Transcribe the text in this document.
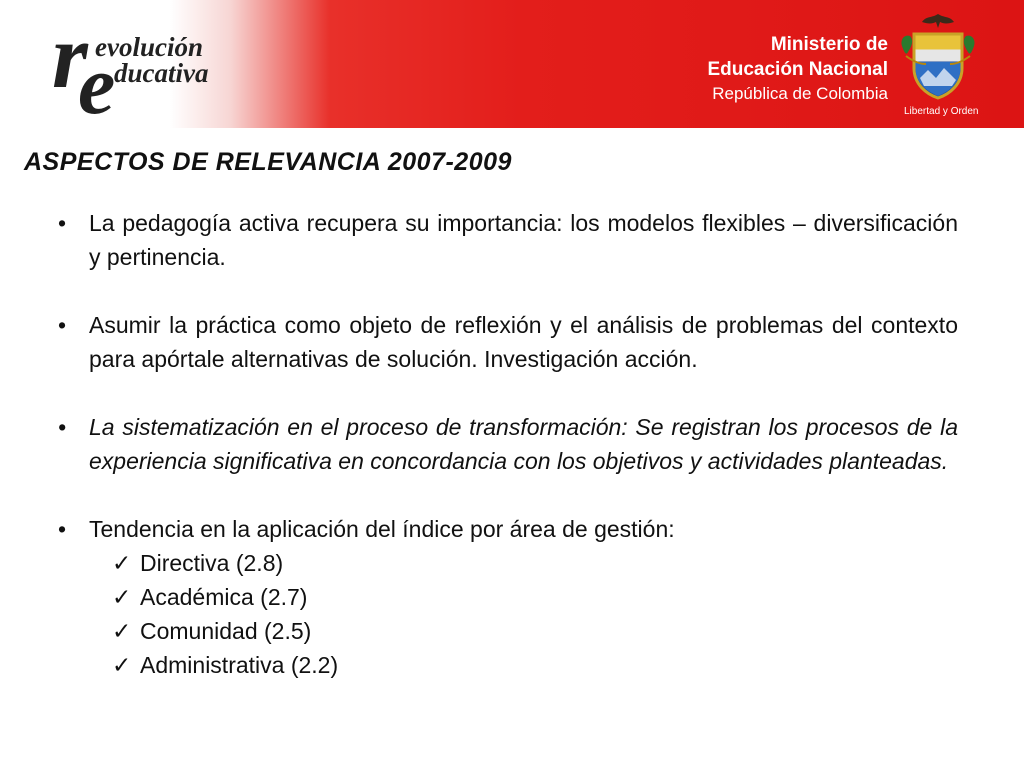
r
e
evolución
ducativa
Ministerio de
Educación Nacional
República de Colombia
Libertad y Orden
ASPECTOS DE RELEVANCIA 2007-2009
• La pedagogía activa recupera su importancia: los modelos flexibles – diversificación y pertinencia.
• Asumir la práctica como objeto de reflexión y el análisis de problemas del contexto para apórtale alternativas de solución. Investigación acción.
• La sistematización en el proceso de transformación: Se registran los procesos de la experiencia significativa en concordancia con los objetivos y actividades planteadas.
• Tendencia en la aplicación del índice por área de gestión:
✓ Directiva (2.8)
✓ Académica (2.7)
✓ Comunidad (2.5)
✓ Administrativa (2.2)
